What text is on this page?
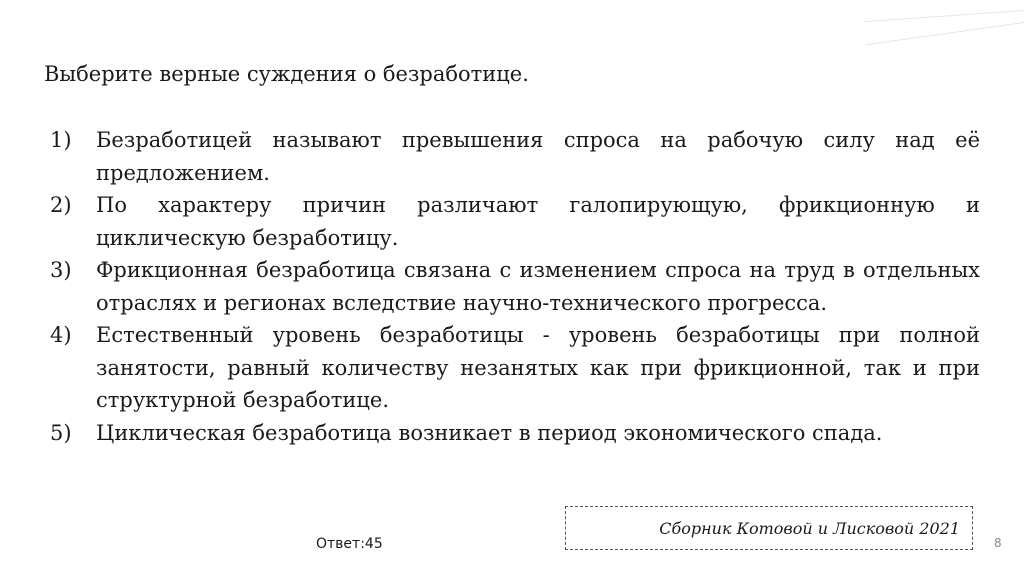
Выберите верные суждения о безработице.
1)	Безработицей называют превышения спроса на рабочую силу над её предложением.
2)	По характеру причин различают галопирующую, фрикционную и циклическую безработицу.
3)	Фрикционная безработица связана с изменением спроса на труд в отдельных отраслях и регионах вследствие научно-технического прогресса.
4)	Естественный уровень безработицы - уровень безработицы при полной занятости, равный количеству незанятых как при фрикционной, так и при структурной безработице.
5)	Циклическая безработица возникает в период экономического спада.
Ответ:45
Сборник Котовой и Лисковой 2021
8
